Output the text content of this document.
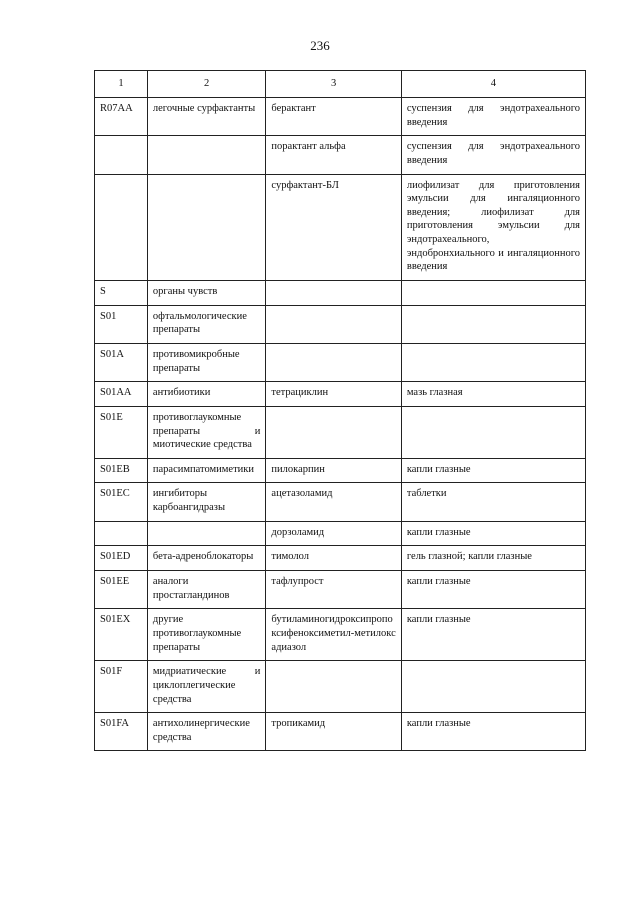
236
1	2	3	4
R07AA	легочные сурфактанты	берактант	суспензия для эндотрахеального введения
		порактант альфа	суспензия для эндотрахеального введения
		сурфактант-БЛ	лиофилизат для приготовления эмульсии для ингаляционного введения; лиофилизат для приготовления эмульсии для эндотрахеального, эндобронхиального и ингаляционного введения
S	органы чувств		
S01	офтальмологические препараты		
S01A	противомикробные препараты		
S01AA	антибиотики	тетрациклин	мазь глазная
S01E	противоглаукомные препараты и миотические средства		
S01EB	парасимпатомиметики	пилокарпин	капли глазные
S01EC	ингибиторы карбоангидразы	ацетазоламид	таблетки
		дорзоламид	капли глазные
S01ED	бета-адреноблокаторы	тимолол	гель глазной; капли глазные
S01EE	аналоги простагландинов	тафлупрост	капли глазные
S01EX	другие противоглаукомные препараты	бутиламиногидроксипропоксифеноксиметил-метилоксадиазол	капли глазные
S01F	мидриатические и циклоплегические средства		
S01FA	антихолинергические средства	тропикамид	капли глазные
